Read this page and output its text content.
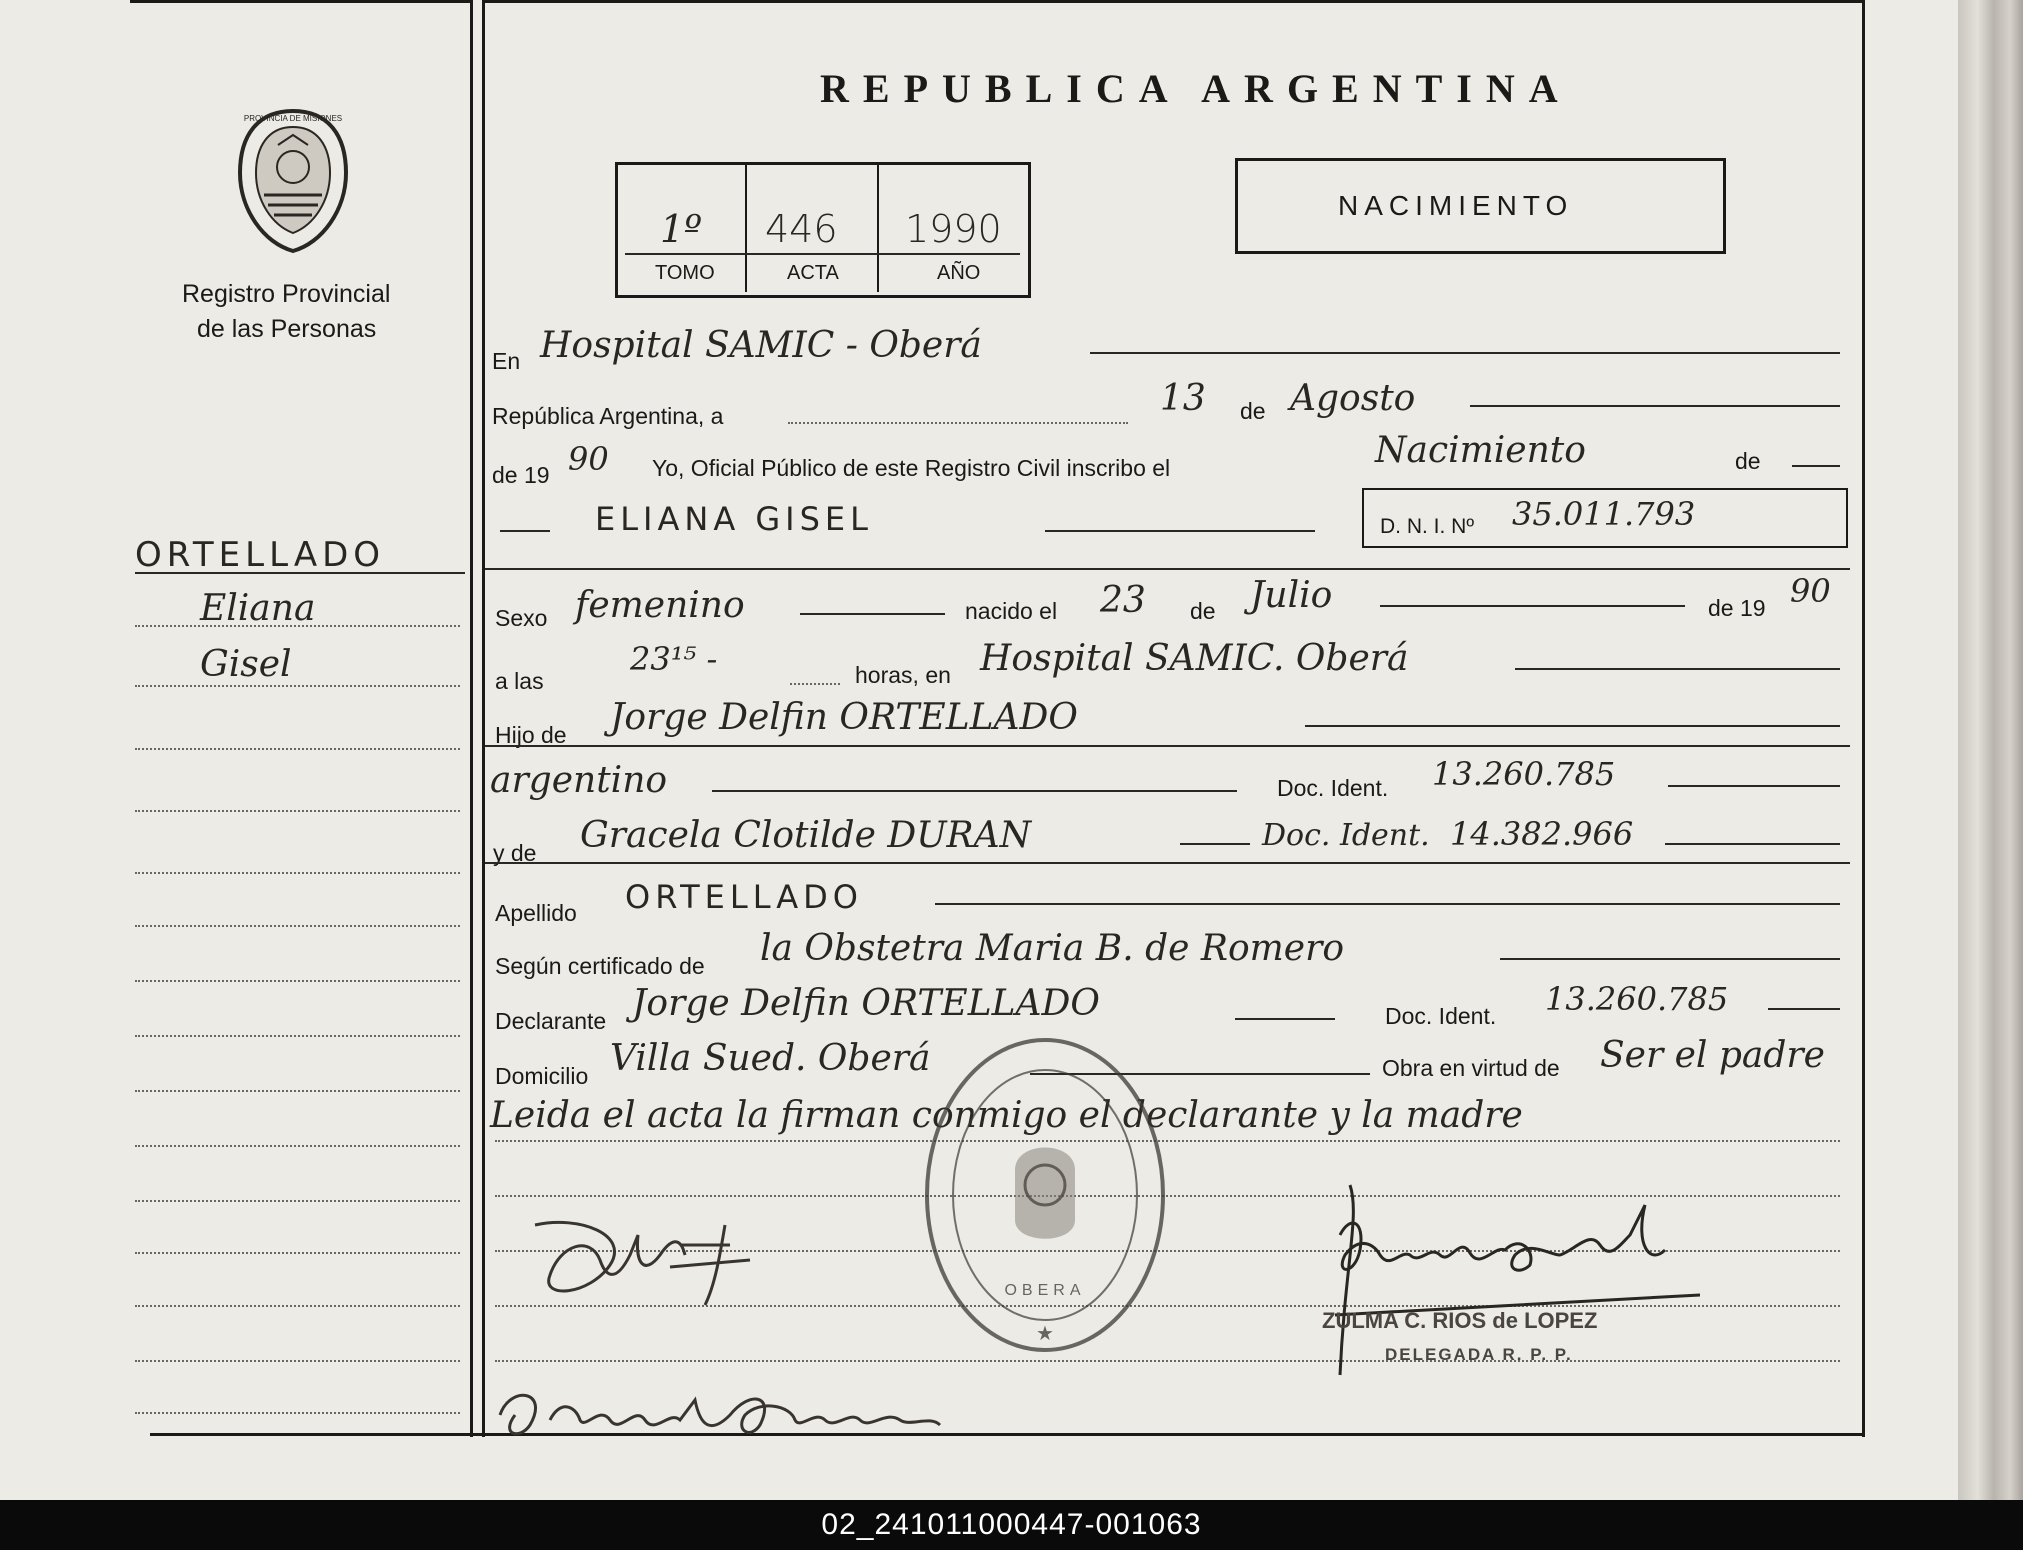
PROVINCIA DE MISIONES
Registro Provincial
de las Personas
REPUBLICA ARGENTINA
1º 446 1990
TOMO	ACTA	AÑO
NACIMIENTO
ORTELLADO
Eliana
Gisel
En Hospital SAMIC - Oberá
República Argentina, a	13 de Agosto
de 19 90 Yo, Oficial Público de este Registro Civil inscribo el	Nacimiento	de
ELIANA GISEL	D. N. I. Nº 35.011.793
Sexo femenino	nacido el 23 de Julio	de 19 90
a las
23¹⁵ -	horas, en Hospital SAMIC. Oberá
Hijo de Jorge Delfin ORTELLADO
argentino	Doc. Ident. 13.260.785
y de Gracela Clotilde DURAN	Doc. Ident. 14.382.966
Apellido ORTELLADO
Según certificado de la Obstetra Maria B. de Romero
Declarante Jorge Delfin ORTELLADO	Doc. Ident. 13.260.785
Domicilio Villa Sued. Oberá	Obra en virtud de Ser el padre
Leida el acta la firman conmigo el declarante y la madre
OBERA
★
ZULMA C. RIOS de LOPEZ
DELEGADA R. P. P.
02_241011000447-001063
